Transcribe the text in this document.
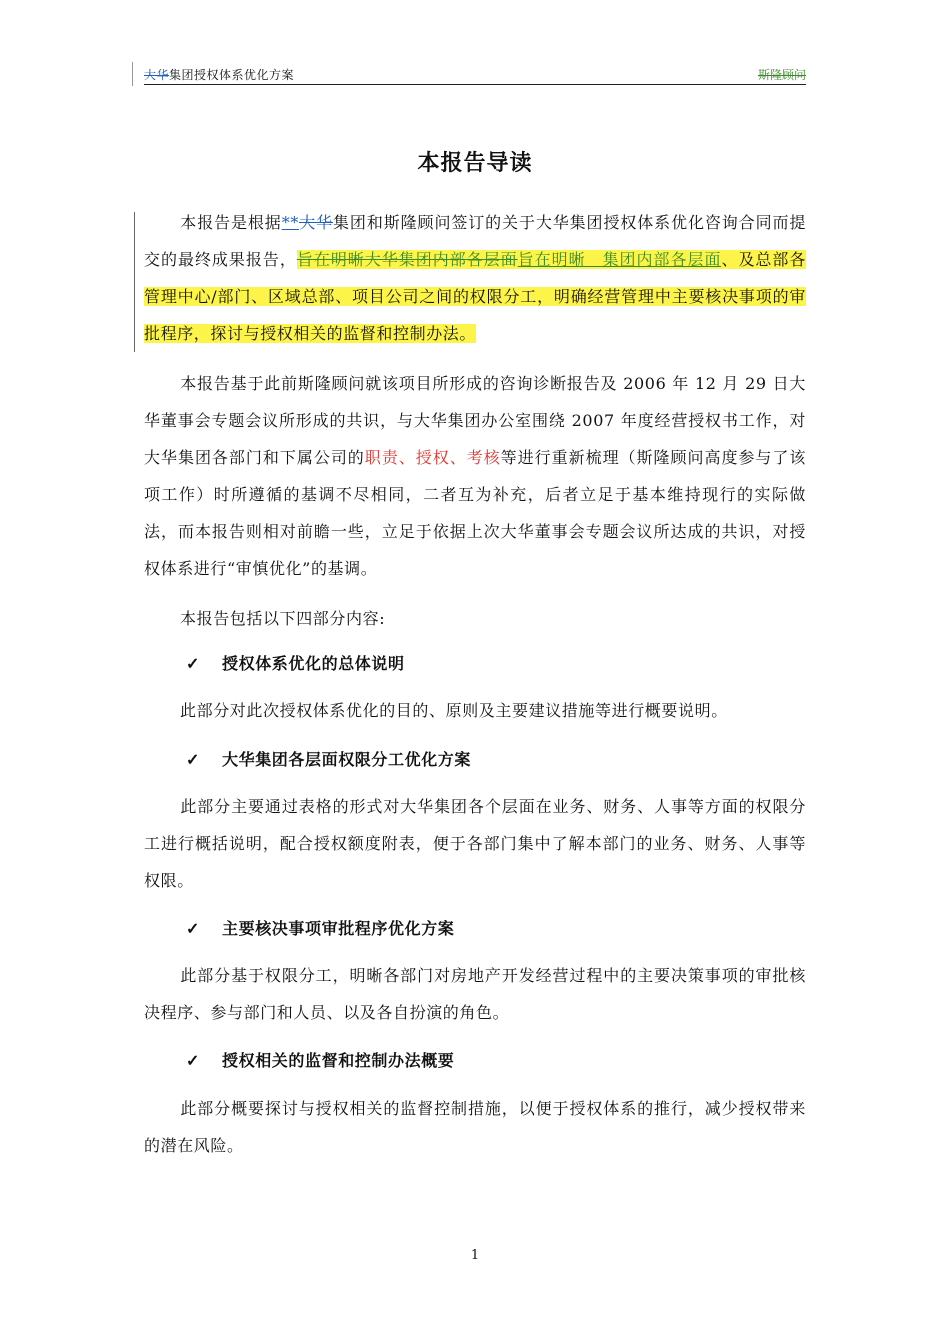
大华集团授权体系优化方案	斯隆顾问
本报告导读
本报告是根据**大华集团和斯隆顾问签订的关于大华集团授权体系优化咨询合同而提交的最终成果报告，旨在明晰大华集团内部各层面旨在明晰　集团内部各层面、及总部各管理中心/部门、区域总部、项目公司之间的权限分工，明确经营管理中主要核决事项的审批程序，探讨与授权相关的监督和控制办法。
本报告基于此前斯隆顾问就该项目所形成的咨询诊断报告及 2006 年 12 月 29 日大华董事会专题会议所形成的共识，与大华集团办公室围绕 2007 年度经营授权书工作，对大华集团各部门和下属公司的职责、授权、考核等进行重新梳理（斯隆顾问高度参与了该项工作）时所遵循的基调不尽相同，二者互为补充，后者立足于基本维持现行的实际做法，而本报告则相对前瞻一些，立足于依据上次大华董事会专题会议所达成的共识，对授权体系进行“审慎优化”的基调。
本报告包括以下四部分内容:
✓ 授权体系优化的总体说明
此部分对此次授权体系优化的目的、原则及主要建议措施等进行概要说明。
✓ 大华集团各层面权限分工优化方案
此部分主要通过表格的形式对大华集团各个层面在业务、财务、人事等方面的权限分工进行概括说明，配合授权额度附表，便于各部门集中了解本部门的业务、财务、人事等权限。
✓ 主要核决事项审批程序优化方案
此部分基于权限分工，明晰各部门对房地产开发经营过程中的主要决策事项的审批核决程序、参与部门和人员、以及各自扮演的角色。
✓ 授权相关的监督和控制办法概要
此部分概要探讨与授权相关的监督控制措施，以便于授权体系的推行，减少授权带来的潜在风险。
1
